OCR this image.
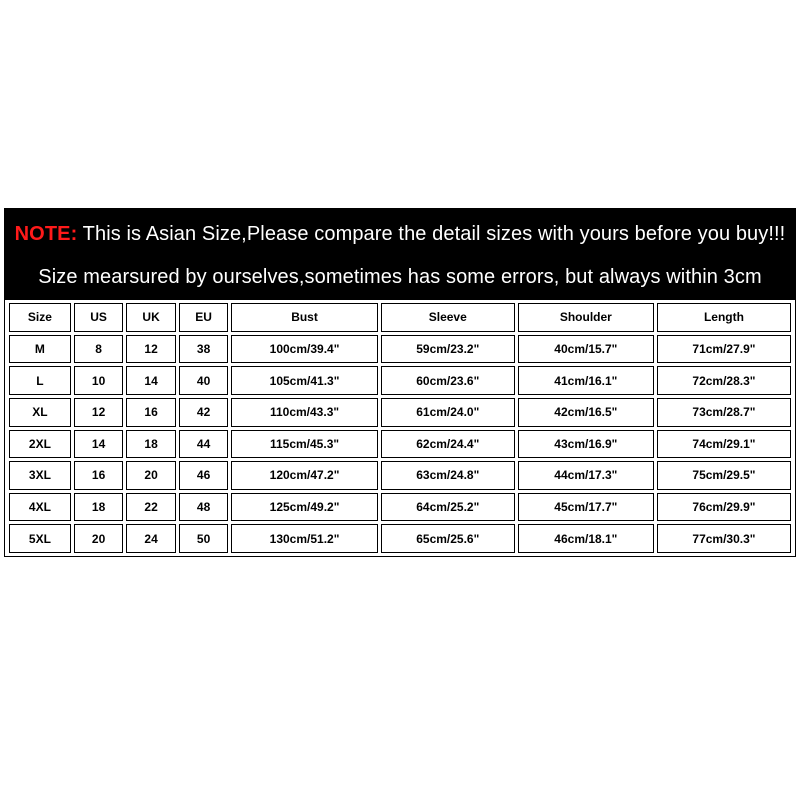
NOTE: This is Asian Size,Please compare the detail sizes with yours before you buy!!!
Size mearsured by ourselves,sometimes has some errors, but always within 3cm
Size	US	UK	EU	Bust	Sleeve	Shoulder	Length
M	8	12	38	100cm/39.4"	59cm/23.2"	40cm/15.7"	71cm/27.9"
L	10	14	40	105cm/41.3"	60cm/23.6"	41cm/16.1"	72cm/28.3"
XL	12	16	42	110cm/43.3"	61cm/24.0"	42cm/16.5"	73cm/28.7"
2XL	14	18	44	115cm/45.3"	62cm/24.4"	43cm/16.9"	74cm/29.1"
3XL	16	20	46	120cm/47.2"	63cm/24.8"	44cm/17.3"	75cm/29.5"
4XL	18	22	48	125cm/49.2"	64cm/25.2"	45cm/17.7"	76cm/29.9"
5XL	20	24	50	130cm/51.2"	65cm/25.6"	46cm/18.1"	77cm/30.3"
